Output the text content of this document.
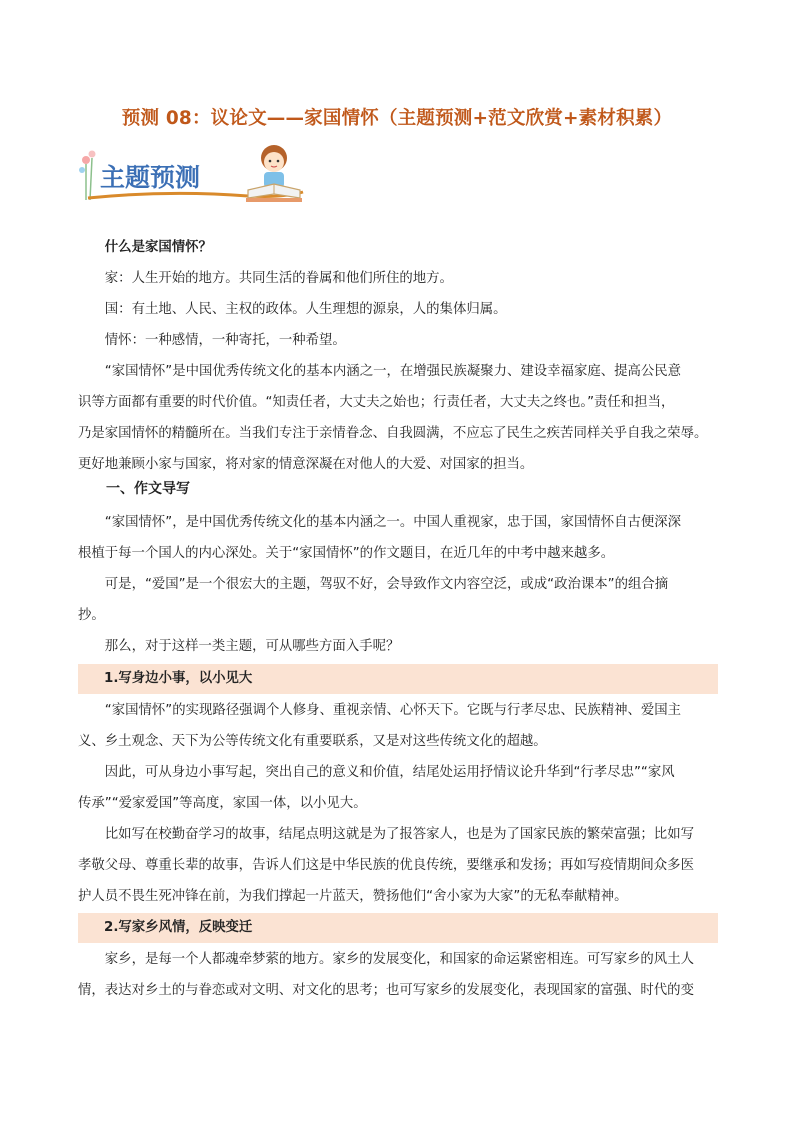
预测 08：议论文——家国情怀（主题预测+范文欣赏+素材积累）
主题预测
什么是家国情怀？
家：人生开始的地方。共同生活的眷属和他们所住的地方。
国：有土地、人民、主权的政体。人生理想的源泉，人的集体归属。
情怀：一种感情，一种寄托，一种希望。
“家国情怀”是中国优秀传统文化的基本内涵之一，在增强民族凝聚力、建设幸福家庭、提高公民意
识等方面都有重要的时代价值。“知责任者，大丈夫之始也；行责任者，大丈夫之终也。”责任和担当，
乃是家国情怀的精髓所在。当我们专注于亲情眷念、自我圆满，不应忘了民生之疾苦同样关乎自我之荣辱。
更好地兼顾小家与国家，将对家的情意深凝在对他人的大爱、对国家的担当。
一、作文导写
“家国情怀”，是中国优秀传统文化的基本内涵之一。中国人重视家，忠于国，家国情怀自古便深深
根植于每一个国人的内心深处。关于“家国情怀”的作文题目，在近几年的中考中越来越多。
可是，“爱国”是一个很宏大的主题，驾驭不好，会导致作文内容空泛，或成“政治课本”的组合摘
抄。
那么，对于这样一类主题，可从哪些方面入手呢？
1.写身边小事，以小见大
“家国情怀”的实现路径强调个人修身、重视亲情、心怀天下。它既与行孝尽忠、民族精神、爱国主
义、乡土观念、天下为公等传统文化有重要联系，又是对这些传统文化的超越。
因此，可从身边小事写起，突出自己的意义和价值，结尾处运用抒情议论升华到“行孝尽忠”“家风
传承”“爱家爱国”等高度，家国一体，以小见大。
比如写在校勤奋学习的故事，结尾点明这就是为了报答家人，也是为了国家民族的繁荣富强；比如写
孝敬父母、尊重长辈的故事，告诉人们这是中华民族的优良传统，要继承和发扬；再如写疫情期间众多医
护人员不畏生死冲锋在前，为我们撑起一片蓝天，赞扬他们“舍小家为大家”的无私奉献精神。
2.写家乡风情，反映变迁
家乡，是每一个人都魂牵梦萦的地方。家乡的发展变化，和国家的命运紧密相连。可写家乡的风土人
情，表达对乡土的与眷恋或对文明、对文化的思考；也可写家乡的发展变化，表现国家的富强、时代的变
